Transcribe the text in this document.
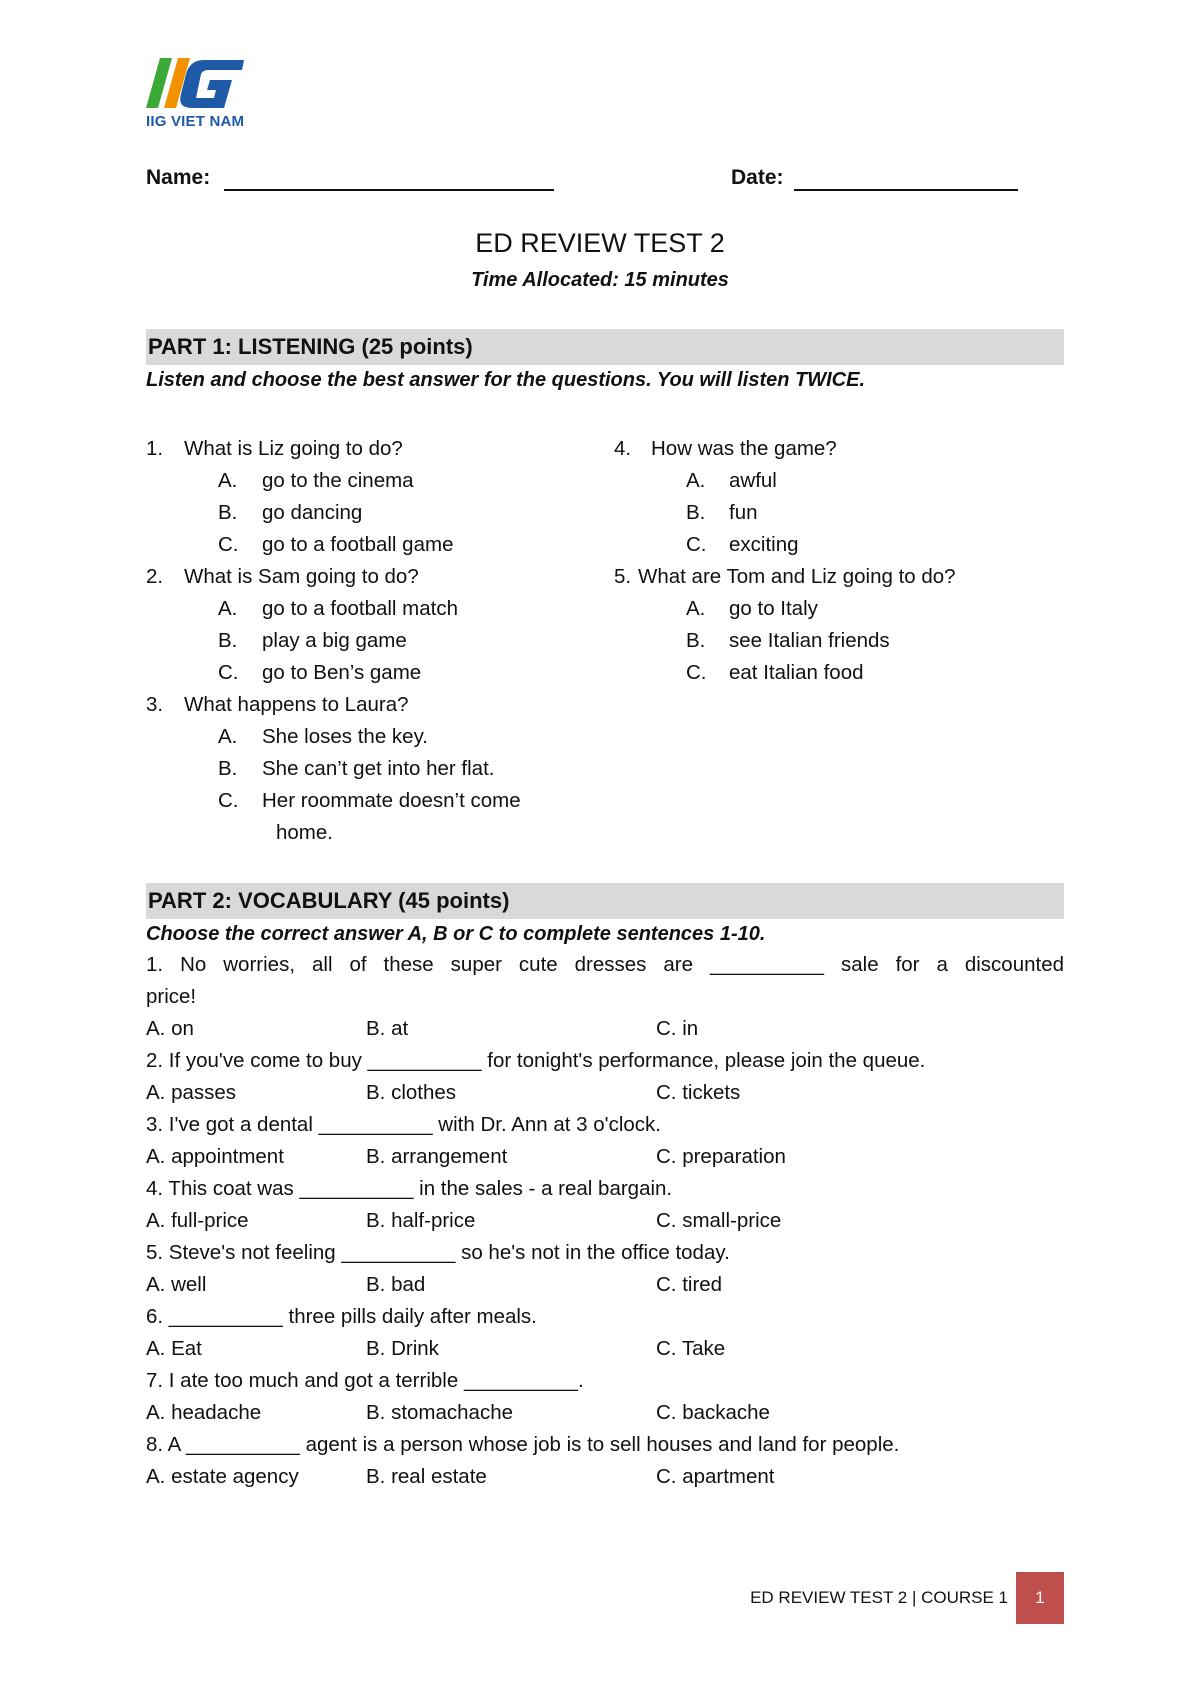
IIG VIET NAM
Name:	Date:
ED REVIEW TEST 2
Time Allocated: 15 minutes
PART 1: LISTENING (25 points)
Listen and choose the best answer for the questions. You will listen TWICE.
1. What is Liz going to do?
A. go to the cinema
B. go dancing
C. go to a football game
2. What is Sam going to do?
A. go to a football match
B. play a big game
C. go to Ben’s game
3. What happens to Laura?
A. She loses the key.
B. She can’t get into her flat.
C. Her roommate doesn’t come
home.
4. How was the game?
A. awful
B. fun
C. exciting
5. What are Tom and Liz going to do?
A. go to Italy
B. see Italian friends
C. eat Italian food
PART 2: VOCABULARY (45 points)
Choose the correct answer A, B or C to complete sentences 1-10.
1. No worries, all of these super cute dresses are __________ sale for a discounted
price!
A. on	B. at	C. in
2. If you've come to buy __________ for tonight's performance, please join the queue.
A. passes	B. clothes	C. tickets
3. I've got a dental __________ with Dr. Ann at 3 o'clock.
A. appointment	B. arrangement	C. preparation
4. This coat was __________ in the sales - a real bargain.
A. full-price	B. half-price	C. small-price
5. Steve's not feeling __________ so he's not in the office today.
A. well	B. bad	C. tired
6. __________ three pills daily after meals.
A. Eat	B. Drink	C. Take
7. I ate too much and got a terrible __________.
A. headache	B. stomachache	C. backache
8. A __________ agent is a person whose job is to sell houses and land for people.
A. estate agency	B. real estate	C. apartment
ED REVIEW TEST 2 | COURSE 1	1
